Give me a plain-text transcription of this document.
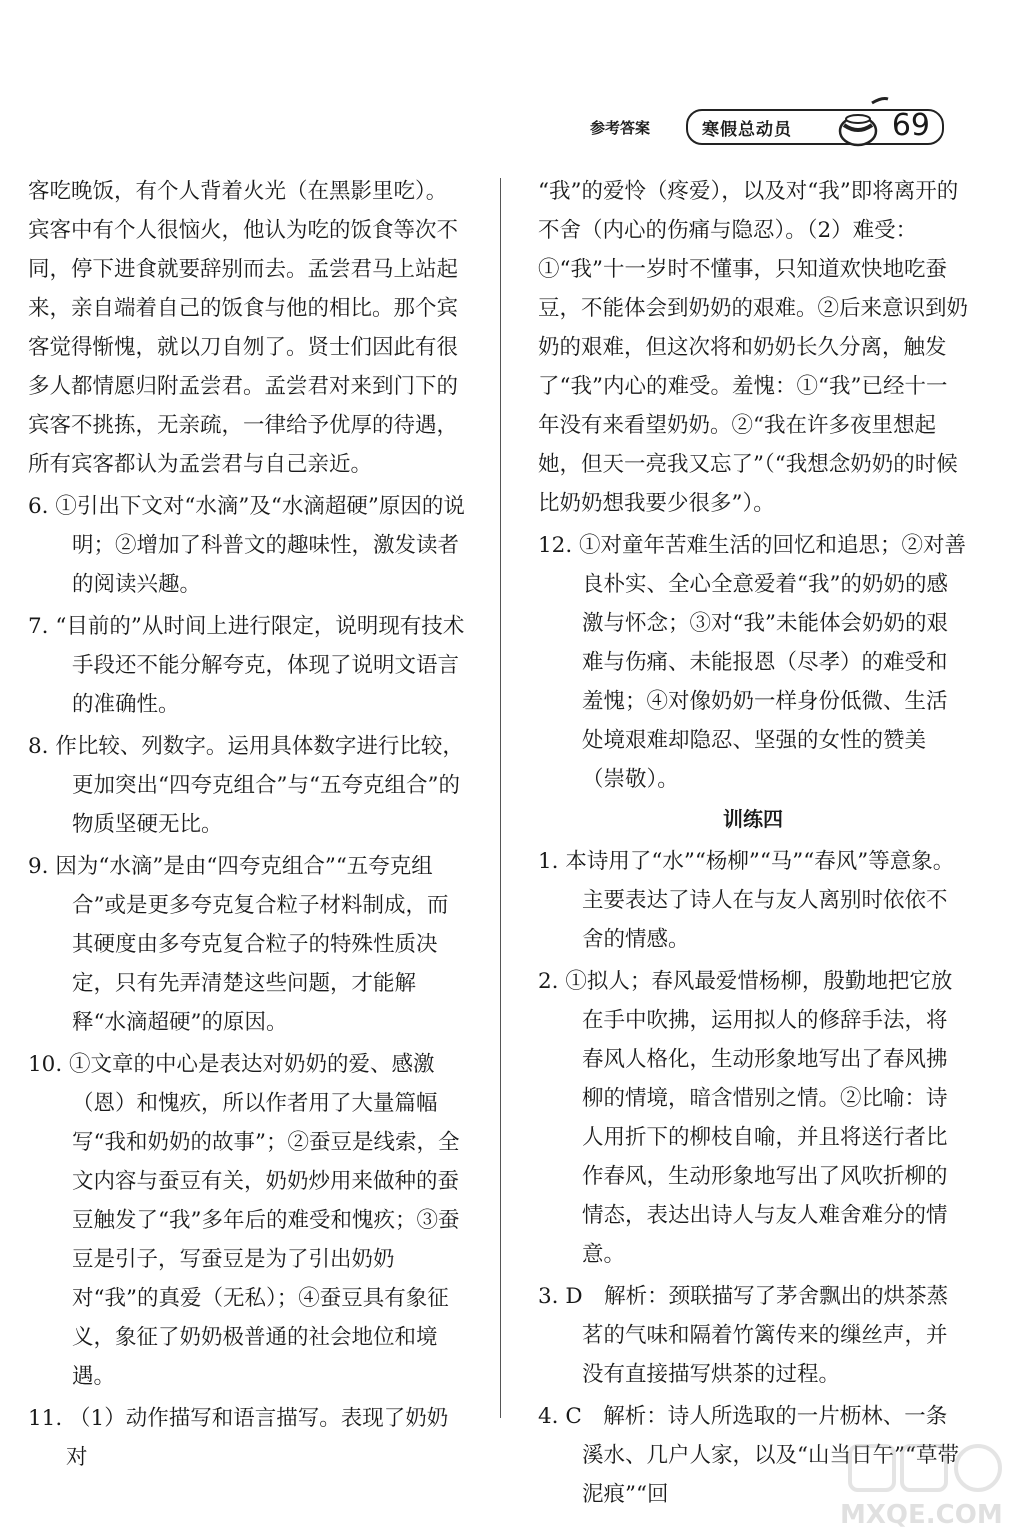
参考答案	寒假总动员	69
客吃晚饭，有个人背着火光（在黑影里吃）。宾客中有个人很恼火，他认为吃的饭食等次不同，停下进食就要辞别而去。孟尝君马上站起来，亲自端着自己的饭食与他的相比。那个宾客觉得惭愧，就以刀自刎了。贤士们因此有很多人都情愿归附孟尝君。孟尝君对来到门下的宾客不挑拣，无亲疏，一律给予优厚的待遇，所有宾客都认为孟尝君与自己亲近。
6. ①引出下文对“水滴”及“水滴超硬”原因的说明；②增加了科普文的趣味性，激发读者的阅读兴趣。
7. “目前的”从时间上进行限定，说明现有技术手段还不能分解夸克，体现了说明文语言的准确性。
8. 作比较、列数字。运用具体数字进行比较，更加突出“四夸克组合”与“五夸克组合”的物质坚硬无比。
9. 因为“水滴”是由“四夸克组合”“五夸克组合”或是更多夸克复合粒子材料制成，而其硬度由多夸克复合粒子的特殊性质决定，只有先弄清楚这些问题，才能解释“水滴超硬”的原因。
10. ①文章的中心是表达对奶奶的爱、感激（恩）和愧疚，所以作者用了大量篇幅写“我和奶奶的故事”；②蚕豆是线索，全文内容与蚕豆有关，奶奶炒用来做种的蚕豆触发了“我”多年后的难受和愧疚；③蚕豆是引子，写蚕豆是为了引出奶奶对“我”的真爱（无私）；④蚕豆具有象征义，象征了奶奶极普通的社会地位和境遇。
11. （1）动作描写和语言描写。表现了奶奶对
“我”的爱怜（疼爱），以及对“我”即将离开的不舍（内心的伤痛与隐忍）。（2）难受：①“我”十一岁时不懂事，只知道欢快地吃蚕豆，不能体会到奶奶的艰难。②后来意识到奶奶的艰难，但这次将和奶奶长久分离，触发了“我”内心的难受。羞愧：①“我”已经十一年没有来看望奶奶。②“我在许多夜里想起她，但天一亮我又忘了”（“我想念奶奶的时候比奶奶想我要少很多”）。
12. ①对童年苦难生活的回忆和追思；②对善良朴实、全心全意爱着“我”的奶奶的感激与怀念；③对“我”未能体会奶奶的艰难与伤痛、未能报恩（尽孝）的难受和羞愧；④对像奶奶一样身份低微、生活处境艰难却隐忍、坚强的女性的赞美（崇敬）。
训练四
1. 本诗用了“水”“杨柳”“马”“春风”等意象。主要表达了诗人在与友人离别时依依不舍的情感。
2. ①拟人；春风最爱惜杨柳，殷勤地把它放在手中吹拂，运用拟人的修辞手法，将春风人格化，生动形象地写出了春风拂柳的情境，暗含惜别之情。②比喻：诗人用折下的柳枝自喻，并且将送行者比作春风，生动形象地写出了风吹折柳的情态，表达出诗人与友人难舍难分的情意。
3. D　解析：颈联描写了茅舍飘出的烘茶蒸茗的气味和隔着竹篱传来的缫丝声，并没有直接描写烘茶的过程。
4. C　解析：诗人所选取的一片枥林、一条溪水、几户人家，以及“山当日午”“草带泥痕”“回
MXQE.COM
